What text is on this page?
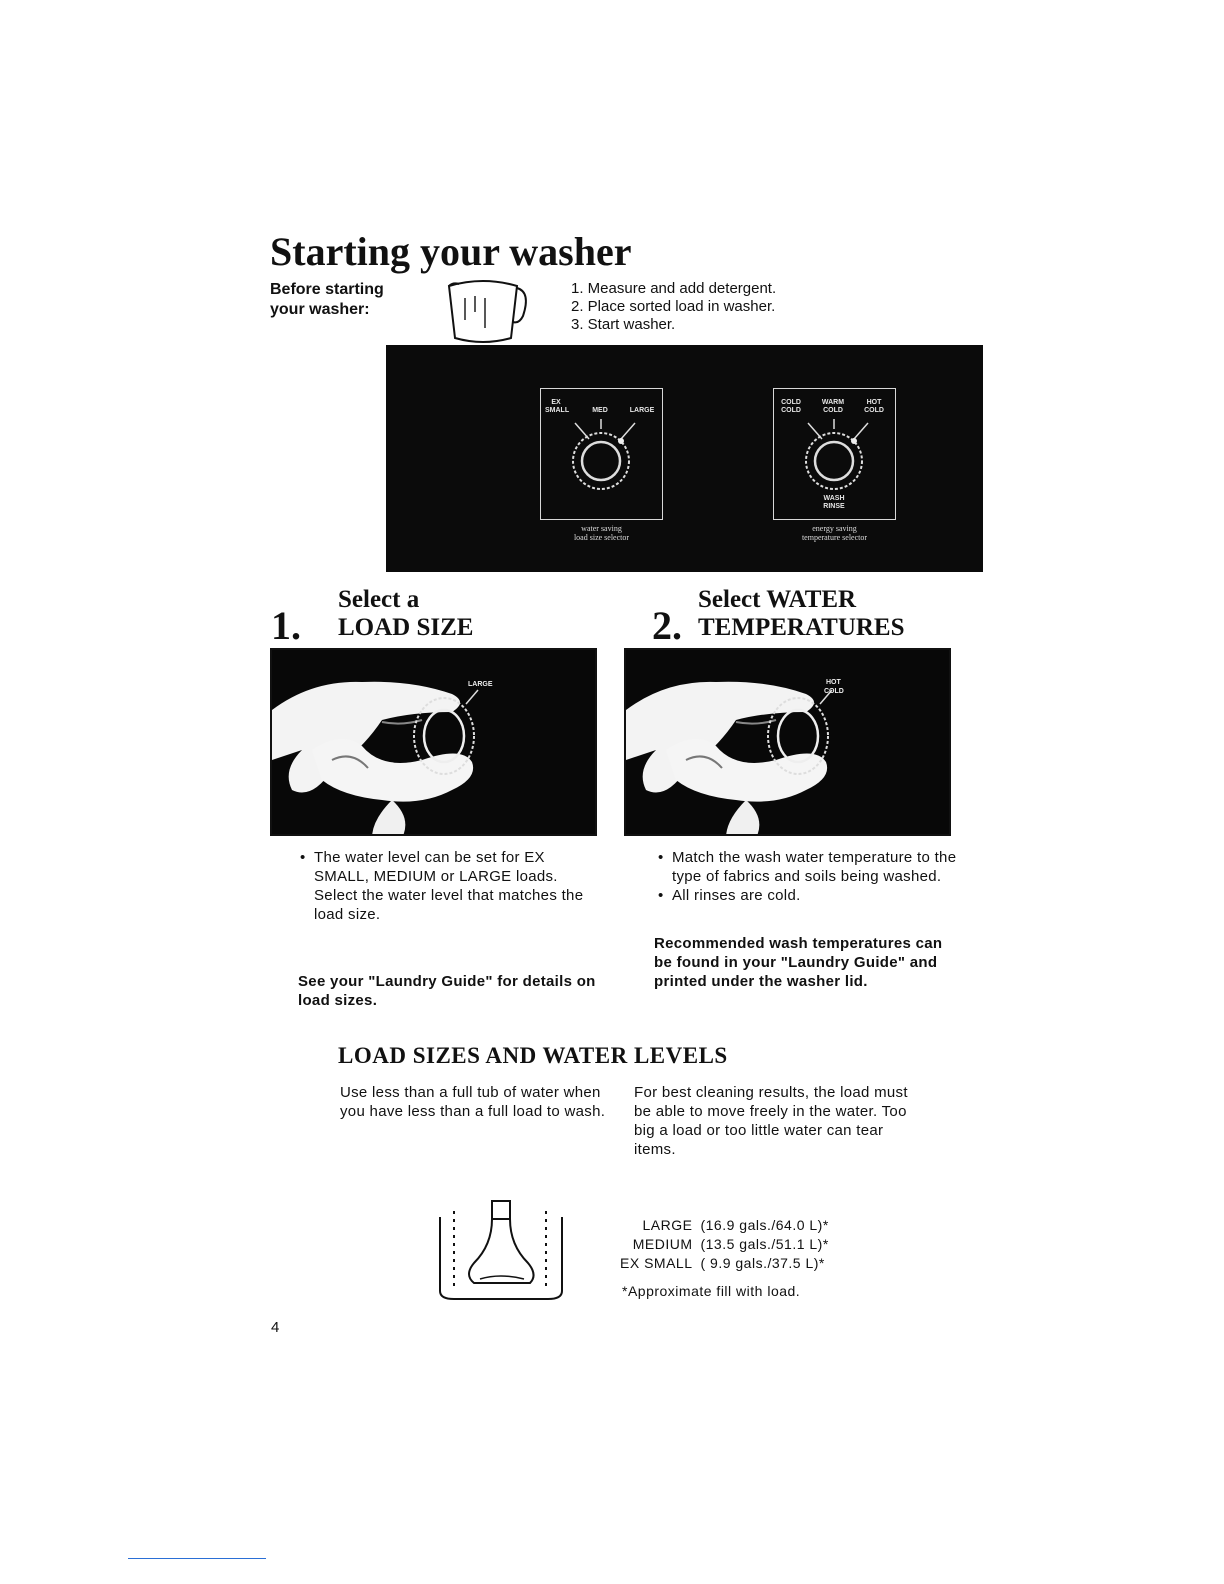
Starting your washer
Before starting
your washer:
1. Measure and add detergent.
2. Place sorted load in washer.
3. Start washer.
EX SMALL	MED	LARGE
water saving
load size selector
COLD COLD
WARM COLD
HOT COLD
WASH
RINSE
energy saving
temperature selector
Select a
1. LOAD SIZE
Select WATER
2. TEMPERATURES
LARGE	HOT
COLD
• The water level can be set for EX SMALL, MEDIUM or LARGE loads. Select the water level that matches the load size.
See your "Laundry Guide" for details on load sizes.
• Match the wash water temperature to the type of fabrics and soils being washed.
• All rinses are cold.
Recommended wash temperatures can be found in your "Laundry Guide" and printed under the washer lid.
LOAD SIZES AND WATER LEVELS
Use less than a full tub of water when you have less than a full load to wash.
For best cleaning results, the load must be able to move freely in the water. Too big a load or too little water can tear items.
LARGE	(16.9 gals./64.0 L)*
MEDIUM	(13.5 gals./51.1 L)*
EX SMALL	( 9.9 gals./37.5 L)*
*Approximate fill with load.
4
